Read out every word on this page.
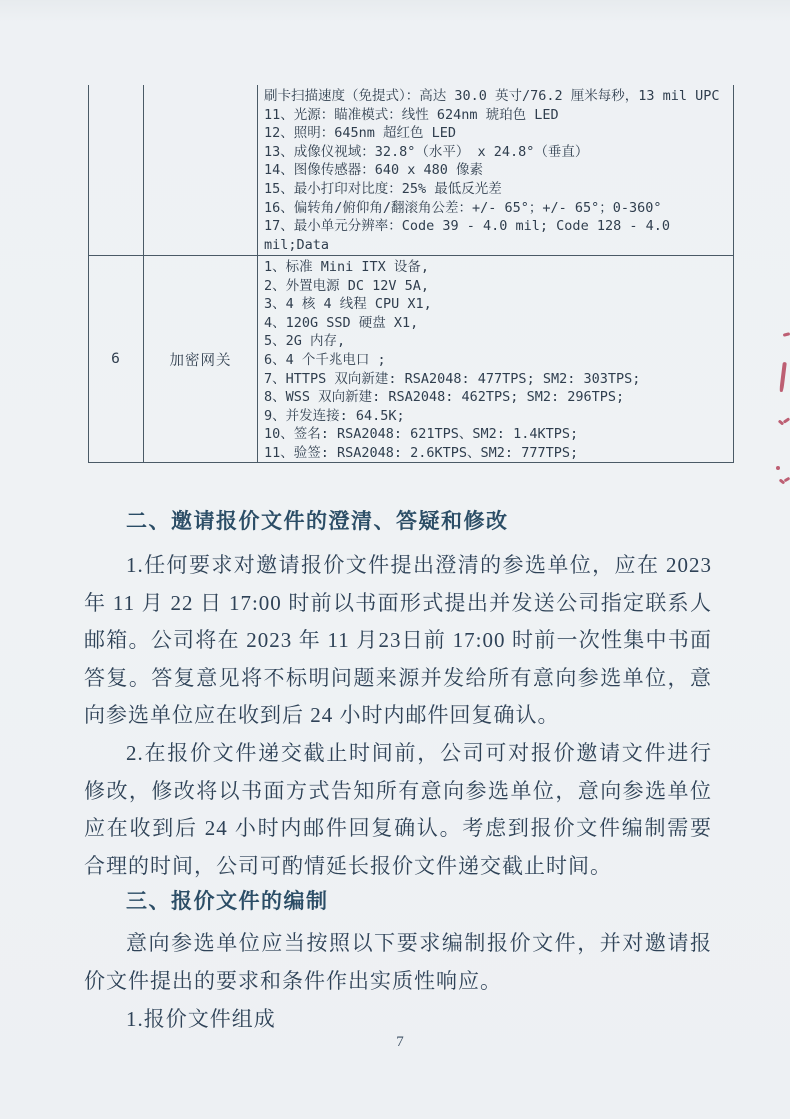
刷卡扫描速度（免提式）：高达 30.0 英寸/76.2 厘米每秒，13 mil UPC
11、光源：瞄准模式：线性 624nm 琥珀色 LED
12、照明：645nm 超红色 LED
13、成像仪视域：32.8°（水平） x 24.8°（垂直）
14、图像传感器：640 x 480 像素
15、最小打印对比度：25% 最低反光差
16、偏转角/俯仰角/翻滚角公差：+/- 65°；+/- 65°；0-360°
17、最小单元分辨率：Code 39 - 4.0 mil; Code 128 - 4.0 mil;Data
6	加密网关
1、标准 Mini ITX 设备,
2、外置电源 DC 12V 5A,
3、4 核 4 线程 CPU X1,
4、120G SSD 硬盘 X1,
5、2G 内存,
6、4 个千兆电口 ;
7、HTTPS 双向新建: RSA2048: 477TPS; SM2: 303TPS;
8、WSS 双向新建: RSA2048: 462TPS; SM2: 296TPS;
9、并发连接: 64.5K;
10、签名: RSA2048: 621TPS、SM2: 1.4KTPS;
11、验签: RSA2048: 2.6KTPS、SM2: 777TPS;
二、邀请报价文件的澄清、答疑和修改

1.任何要求对邀请报价文件提出澄清的参选单位，应在 2023 年 11 月 22 日 17:00 时前以书面形式提出并发送公司指定联系人邮箱。公司将在 2023 年 11 月23日前 17:00 时前一次性集中书面答复。答复意见将不标明问题来源并发给所有意向参选单位，意向参选单位应在收到后 24 小时内邮件回复确认。

2.在报价文件递交截止时间前，公司可对报价邀请文件进行修改，修改将以书面方式告知所有意向参选单位，意向参选单位应在收到后 24 小时内邮件回复确认。考虑到报价文件编制需要合理的时间，公司可酌情延长报价文件递交截止时间。

三、报价文件的编制

意向参选单位应当按照以下要求编制报价文件，并对邀请报价文件提出的要求和条件作出实质性响应。

1.报价文件组成

7
